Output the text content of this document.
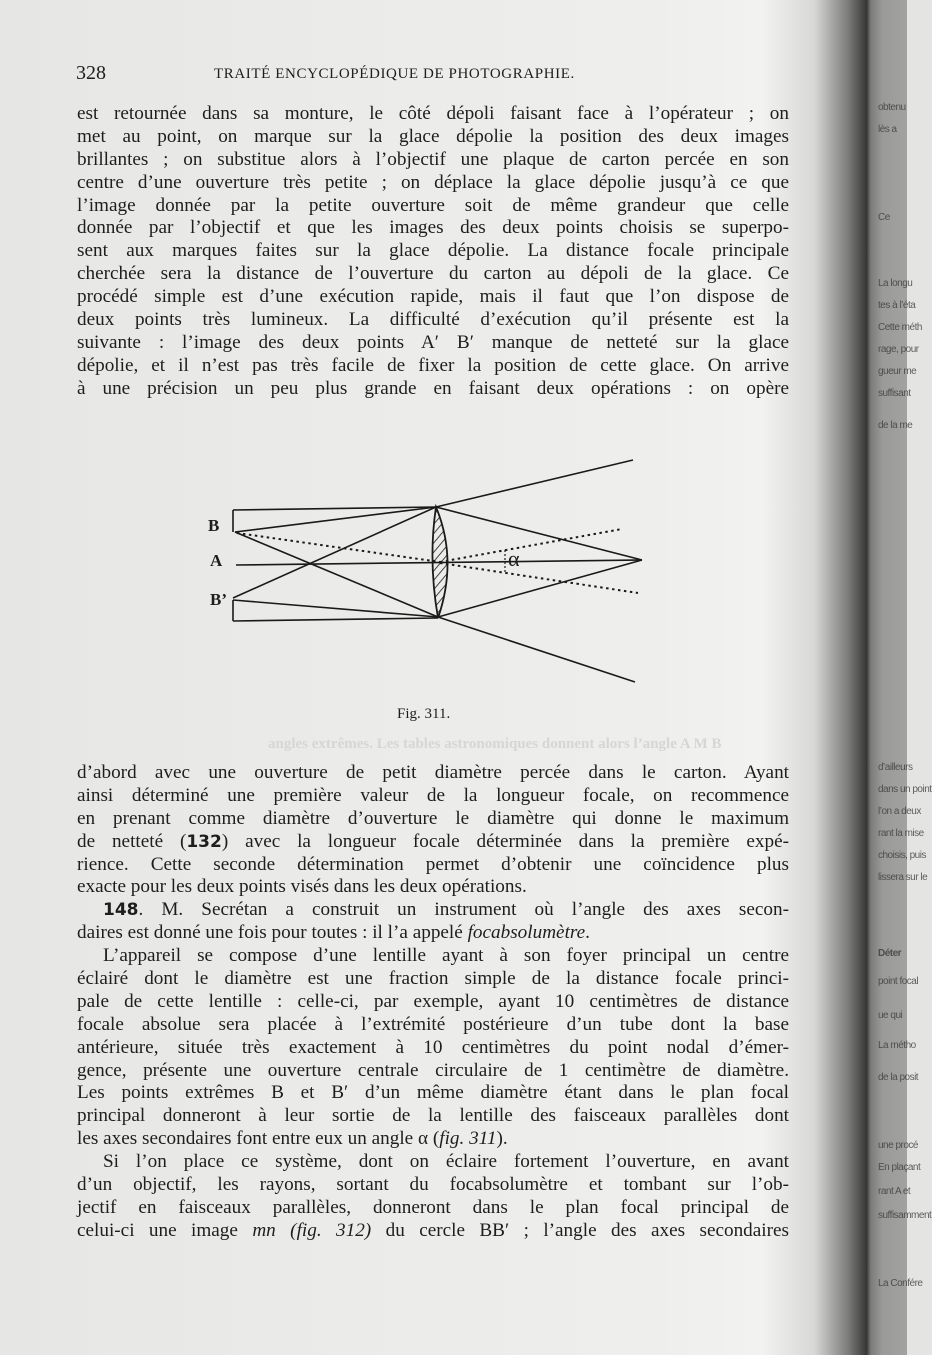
328	TRAITÉ ENCYCLOPÉDIQUE DE PHOTOGRAPHIE.
est retournée dans sa monture, le côté dépoli faisant face à l’opérateur ; on
met au point, on marque sur la glace dépolie la position des deux images
brillantes ; on substitue alors à l’objectif une plaque de carton percée en son
centre d’une ouverture très petite ; on déplace la glace dépolie jusqu’à ce que
l’image donnée par la petite ouverture soit de même grandeur que celle
donnée par l’objectif et que les images des deux points choisis se superpo-
sent aux marques faites sur la glace dépolie. La distance focale principale
cherchée sera la distance de l’ouverture du carton au dépoli de la glace. Ce
procédé simple est d’une exécution rapide, mais il faut que l’on dispose de
deux points très lumineux. La difficulté d’exécution qu’il présente est la
suivante : l’image des deux points A′ B′ manque de netteté sur la glace
dépolie, et il n’est pas très facile de fixer la position de cette glace. On arrive
à une précision un peu plus grande en faisant deux opérations : on opère
B
A
B’
α
Fig. 311.
angles extrêmes. Les tables astronomiques donnent alors l’angle A M B
d’abord avec une ouverture de petit diamètre percée dans le carton. Ayant
ainsi déterminé une première valeur de la longueur focale, on recommence
en prenant comme diamètre d’ouverture le diamètre qui donne le maximum
de netteté (132) avec la longueur focale déterminée dans la première expé-
rience. Cette seconde détermination permet d’obtenir une coïncidence plus
exacte pour les deux points visés dans les deux opérations.
148. M. Secrétan a construit un instrument où l’angle des axes secon-
daires est donné une fois pour toutes : il l’a appelé focabsolumètre.
L’appareil se compose d’une lentille ayant à son foyer principal un centre
éclairé dont le diamètre est une fraction simple de la distance focale princi-
pale de cette lentille : celle-ci, par exemple, ayant 10 centimètres de distance
focale absolue sera placée à l’extrémité postérieure d’un tube dont la base
antérieure, située très exactement à 10 centimètres du point nodal d’émer-
gence, présente une ouverture centrale circulaire de 1 centimètre de diamètre.
Les points extrêmes B et B′ d’un même diamètre étant dans le plan focal
principal donneront à leur sortie de la lentille des faisceaux parallèles dont
les axes secondaires font entre eux un angle α (fig. 311).
Si l’on place ce système, dont on éclaire fortement l’ouverture, en avant
d’un objectif, les rayons, sortant du focabsolumètre et tombant sur l’ob-
jectif en faisceaux parallèles, donneront dans le plan focal principal de
celui-ci une image mn (fig. 312) du cercle BB′ ; l’angle des axes secondaires
obtenu
lès a
Ce
La longu
tes à l’éta
Cette méth
rage, pour
gueur me
suffisant
de la me
d’ailleurs
dans un point
l’on a deux
rant la mise
choisis, puis
lissera sur le
Déter
point focal
ue qui
La métho
de la posit
une procé
En plaçant
rant A et
suffisamment
La Confére
